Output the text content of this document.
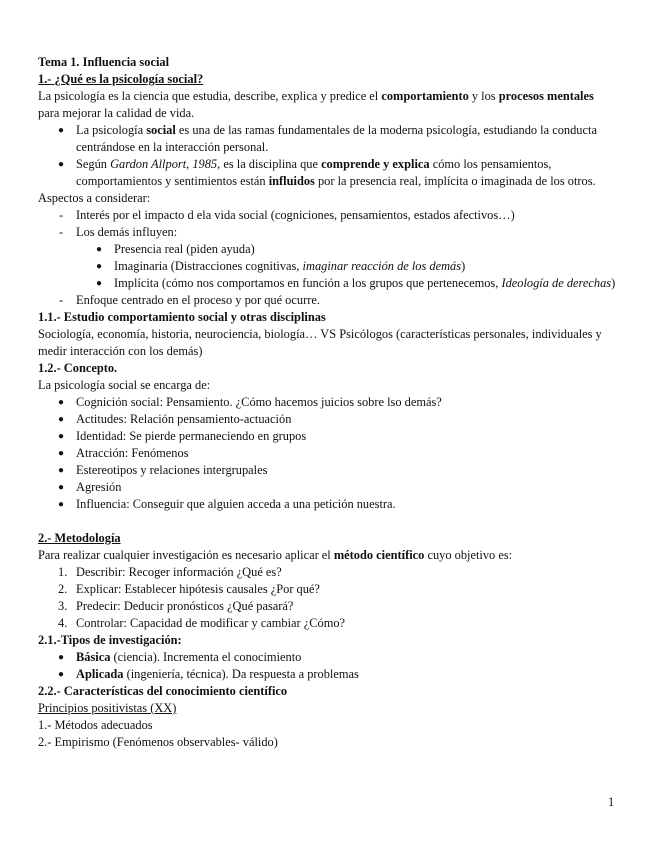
Tema 1. Influencia social
1.- ¿Qué es la psicología social?
La psicología es la ciencia que estudia, describe, explica y predice el comportamiento y los procesos mentales para mejorar la calidad de vida.
● La psicología social es una de las ramas fundamentales de la moderna psicología, estudiando la conducta centrándose en la interacción personal.
● Según Gardon Allport, 1985, es la disciplina que comprende y explica cómo los pensamientos, comportamientos y sentimientos están influidos por la presencia real, implícita o imaginada de los otros.
Aspectos a considerar:
- Interés por el impacto d ela vida social (cogniciones, pensamientos, estados afectivos…)
- Los demás influyen:
● Presencia real (piden ayuda)
● Imaginaria (Distracciones cognitivas, imaginar reacción de los demás)
● Implícita (cómo nos comportamos en función a los grupos que pertenecemos, Ideología de derechas)
- Enfoque centrado en el proceso y por qué ocurre.
1.1.- Estudio comportamiento social y otras disciplinas
Sociología, economía, historia, neurociencia, biología… VS Psicólogos (características personales, individuales y medir interacción con los demás)
1.2.- Concepto.
La psicología social se encarga de:
● Cognición social: Pensamiento. ¿Cómo hacemos juicios sobre lso demás?
● Actitudes: Relación pensamiento-actuación
● Identidad: Se pierde permaneciendo en grupos
● Atracción: Fenómenos
● Estereotipos y relaciones intergrupales
● Agresión
● Influencia: Conseguir que alguien acceda a una petición nuestra.
2.- Metodología
Para realizar cualquier investigación es necesario aplicar el método científico cuyo objetivo es:
1. Describir: Recoger información ¿Qué es?
2. Explicar: Establecer hipótesis causales ¿Por qué?
3. Predecir: Deducir pronósticos ¿Qué pasará?
4. Controlar: Capacidad de modificar y cambiar ¿Cómo?
2.1.-Tipos de investigación:
● Básica (ciencia). Incrementa el conocimiento
● Aplicada (ingeniería, técnica). Da respuesta a problemas
2.2.- Características del conocimiento científico
Principios positivistas (XX)
1.- Métodos adecuados
2.- Empirismo (Fenómenos observables- válido)
1
